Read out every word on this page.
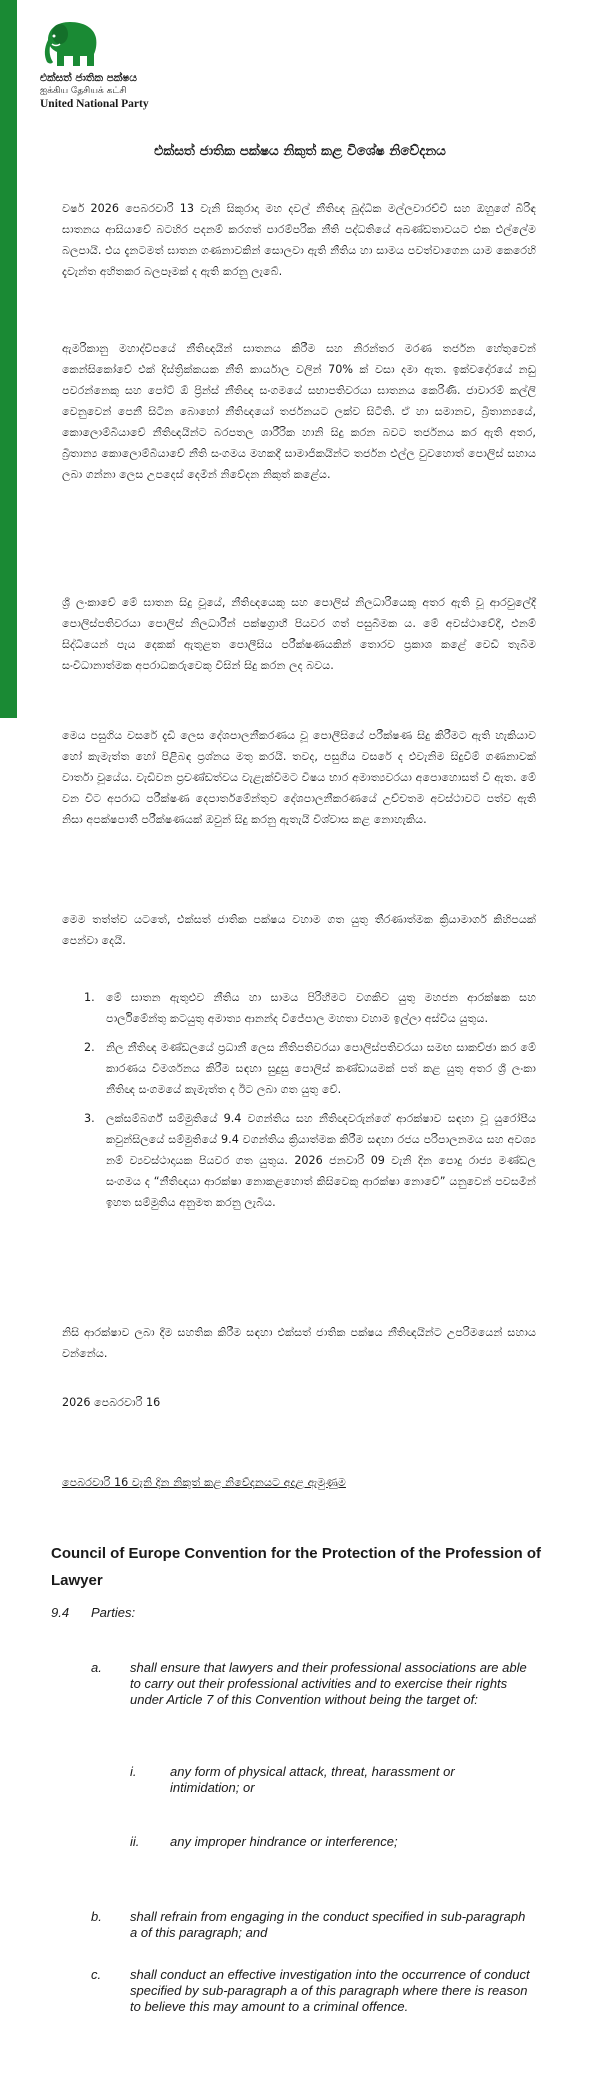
එක්සත් ජාතික පක්ෂය
ஐக்கிய தேசியக் கட்சி
United National Party
එක්සත් ජාතික පක්ෂය නිකුත් කළ විශේෂ නිවේදනය

වර්ෂ 2026 පෙබරවාරි 13 වැනි සිකුරාදා මහ දවල් නීතිඥ බුද්ධික මල්ලවාරච්චි සහ ඔහුගේ බිරිඳ ඝාතනය ආසියාවේ බටහිර පදනම් කරගත් පාරම්පරික නීති පද්ධතියේ අඛණ්ඩතාවයට එක එල්ලේම බලපායි. එය දැනටමත් ඝාතන ගණනාවකින් සොලවා ඇති නීතිය හා සාමය පවත්වාගෙන යාම කෙරෙහි දැවැන්ත අහිතකර බලපෑමක් ද ඇති කරනු ලැබේ.

ඇමරිකානු මහාද්වීපයේ නීතිඥයින් ඝාතනය කිරීම සහ නිරන්තර මරණ තර්ජන හේතුවෙන් කෙන්සිකෝවේ එක් දිස්ත්‍රික්කයක නීති කාර්යාල වලින් 70% ක් වසා දමා ඇත. ඉක්වදෝරයේ නඩු පවරන්නෙකු සහ පෝට් ඕ ප්‍රින්ස් නීතිඥ සංගමයේ සභාපතිවරයා ඝාතනය කෙරිණි. ජාවාරම් කල්ලි වෙනුවෙන් පෙනී සිටින බොහෝ නීතිඥයෝ තර්ජනයට ලක්ව සිටිති. ඒ හා සමානව, බ්‍රිතාන්‍යයේ, කොලොම්බියාවේ නීතිඥයින්ට බරපතල ශාරීරික හානි සිදු කරන බවට තර්ජනය කර ඇති අතර, බ්‍රිතාන්‍ය කොලොම්බියාවේ නීති සංගමය මහකදී සාමාජිකයින්ට තර්ජන එල්ල වුවහොත් පොලිස් සහාය ලබා ගන්නා ලෙස උපදෙස් දෙමින් නිවේදන නිකුත් කළේය.

ශ්‍රී ලංකාවේ මේ ඝාතන සිදු වූයේ, නීතිඥයෙකු සහ පොලිස් නිලධාරියෙකු අතර ඇති වූ ආරවුලේදී පොලිස්පතිවරයා පොලිස් නිලධාරීන් පක්ෂග්‍රාහී පියවර ගත් පසුබිමක ය. මේ අවස්ථාවේදී, එනම් සිද්ධියෙන් පැය දෙකක් ඇතුළත පොලීසිය පරීක්ෂණයකින් තොරව ප්‍රකාශ කළේ වෙඩි තැබීම සංවිධානාත්මක අපරාධකරුවෙකු විසින් සිදු කරන ලද බවය.

මෙය පසුගිය වසරේ දැඩි ලෙස දේශපාලනීකරණය වූ පොලීසියේ පරීක්ෂණ සිදු කිරීමට ඇති හැකියාව හෝ කැමැත්ත හෝ පිළිබඳ ප්‍රශ්නය මතු කරයි. තවද, පසුගිය වසරේ ද එවැනිම සිදුවීම් ගණනාවක් වාර්තා වූයේය. වැඩිවන ප්‍රචණ්ඩත්වය වැළැක්වීමට විෂය භාර අමාත්‍යවරයා අපොහොසත් වී ඇත. මේ වන විට අපරාධ පරීක්ෂණ දෙපාර්තමේන්තුව දේශපාලනීකරණයේ උච්චතම අවස්ථාවට පත්ව ඇති නිසා අපක්ෂපාතී පරීක්ෂණයක් ඔවුන් සිදු කරනු ඇතැයි විශ්වාස කළ නොහැකිය.

මෙම තත්ත්ව යටතේ, එක්සත් ජාතික පක්ෂය වහාම ගත යුතු තීරණාත්මක ක්‍රියාමාර්ග කිහිපයක් පෙන්වා දෙයි.

1. මේ ඝාතන ඇතුළුව නීතිය හා සාමය පිරිහීමට වගකිව යුතු මහජන ආරක්ෂක සහ පාර්ලිමේන්තු කටයුතු අමාත්‍ය ආනන්ද විජේපාල මහතා වහාම ඉල්ලා අස්විය යුතුය.
2. නිල නීතිඥ මණ්ඩලයේ ප්‍රධානී ලෙස නීතිපතිවරයා පොලිස්පතිවරයා සමඟ සාකච්ඡා කර මේ කාරණය විමර්ශනය කිරීම සඳහා සුදුසු පොලිස් කණ්ඩායමක් පත් කළ යුතු අතර ශ්‍රී ලංකා නීතිඥ සංගමයේ කැමැත්ත ද ඊට ලබා ගත යුතු වේ.
3. ලක්සම්බර්ග් සම්මුතියේ 9.4 වගන්තිය සහ නීතිඥවරුන්ගේ ආරක්ෂාව සඳහා වූ යුරෝපීය කවුන්සිලයේ සම්මුතියේ 9.4 වගන්තිය ක්‍රියාත්මක කිරීම සඳහා රජය පරිපාලනමය සහ අවශ්‍ය නම් ව්‍යවස්ථාදායක පියවර ගත යුතුය. 2026 ජනවාරි 09 වැනි දින පොදු රාජ්‍ය මණ්ඩල සංගමය ද “නීතිඥයා ආරක්ෂා නොකළහොත් කිසිවෙකු ආරක්ෂා නොවේ” යනුවෙන් පවසමින් ඉහත සම්මුතිය අනුමත කරනු ලැබීය.

නිසි ආරක්ෂාව ලබා දීම සහතික කිරීම සඳහා එක්සත් ජාතික පක්ෂය නීතිඥයින්ට උපරිමයෙන් සහාය වන්නේය.

2026 පෙබරවාරි 16
පෙබරවාරි 16 වැනි දින නිකුත් කළ නිවේදනයට අදාළ ඇමුණුම
Council of Europe Convention for the Protection of the Profession of Lawyer
9.4 Parties:
a. shall ensure that lawyers and their professional associations are able to carry out their professional activities and to exercise their rights under Article 7 of this Convention without being the target of:
i.	any form of physical attack, threat, harassment or intimidation; or
ii. any improper hindrance or interference;
b. shall refrain from engaging in the conduct specified in sub-paragraph a of this paragraph; and
c. shall conduct an effective investigation into the occurrence of conduct specified by sub-paragraph a of this paragraph where there is reason to believe this may amount to a criminal offence.
